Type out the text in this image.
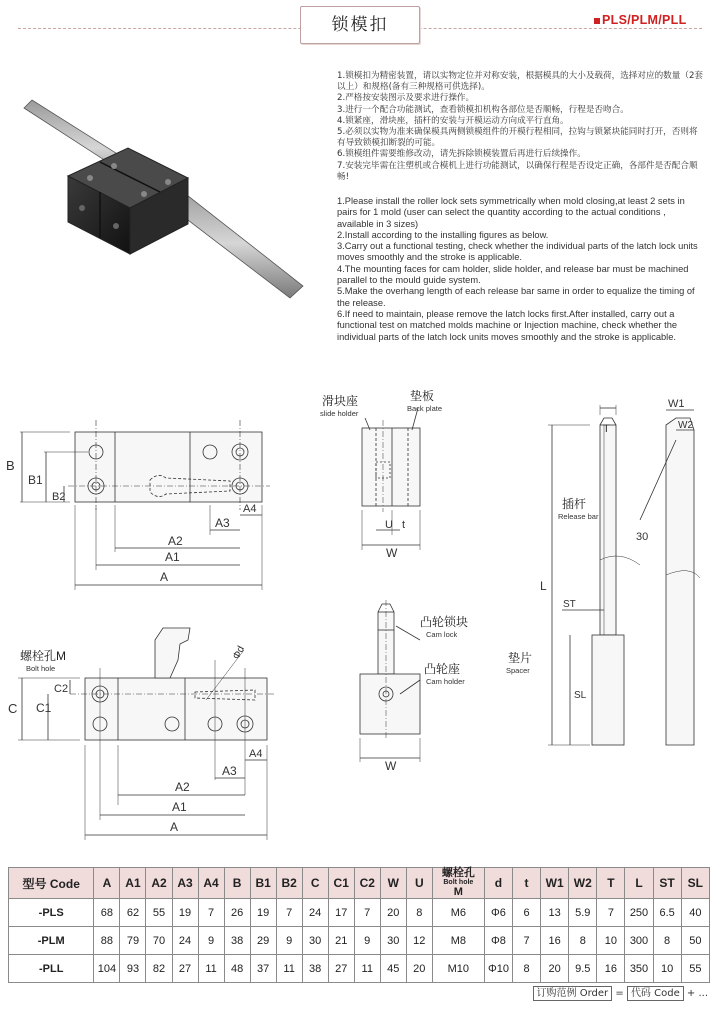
锁模扣	PLS/PLM/PLL

1.锁模扣为精密装置，请以实物定位并对称安装，根据模具的大小及载荷，选择对应的数量（2套以上）和规格(备有三种规格可供选择)。

2.严格按安装图示及要求进行操作。

3.进行一个配合功能测试，查看锁模扣机构各部位是否顺畅，行程是否吻合。

4.锁紧座，滑块座，插杆的安装与开模运动方向成平行直角。

5.必须以实物为准来确保模具两侧锁模组件的开模行程相同，拉钩与锁紧块能同时打开，否则将有导致锁模扣断裂的可能。

6.锁模组件需要维修改动，请先拆除锁模装置后再进行后续操作。

7.安装完毕需在注塑机或合模机上进行功能测试，以确保行程是否设定正确，各部件是否配合顺畅!

1.Please install the roller lock sets symmetrically when mold closing,at least 2 sets in pairs for 1 mold (user can select the quantity according to the actual conditions , available in 3 sizes)

2.Install according to the installing figures as below.

3.Carry out a functional testing, check whether the individual parts of the latch lock units moves smoothly and the stroke is applicable.

4.The mounting faces for cam holder, slide holder, and release bar must be machined parallel to the mould guide system.

5.Make the overhang length of each release bar same in order to equalize the timing of the release.

6.If need to maintain, please remove the latch locks first.After installed, carry out a functional test on matched molds machine or Injection machine, check whether the individual parts of the latch lock units moves smoothly and the stroke is applicable.

B
B1
B2
A
A1
A2
A3
A4
滑块座
slide holder
垫板
Back plate
U t
W
T
W1
W2
30
插杆
Release bar
L
ST
SL
垫片
Spacer
螺栓孔M
Bolt hole
C C1
C2
Φd
A
A1
A2
A3
A4
凸轮锁块
Cam lock
凸轮座
Cam holder
W
型号 Code	A	A1	A2	A3	A4	B	B1	B2	C	C1	C2	W	U	螺栓孔
Bolt hole
M	d	t	W1	W2	T	L	ST	SL
-PLS	68	62	55	19	7	26	19	7	24	17	7	20	8	M6	Φ6	6	13	5.9	7	250	6.5	40
-PLM	88	79	70	24	9	38	29	9	30	21	9	30	12	M8	Φ8	7	16	8	10	300	8	50
-PLL	104	93	82	27	11	48	37	11	38	27	11	45	20	M10	Φ10	8	20	9.5	16	350	10	55
订购范例 Order = 代码 Code + ...
